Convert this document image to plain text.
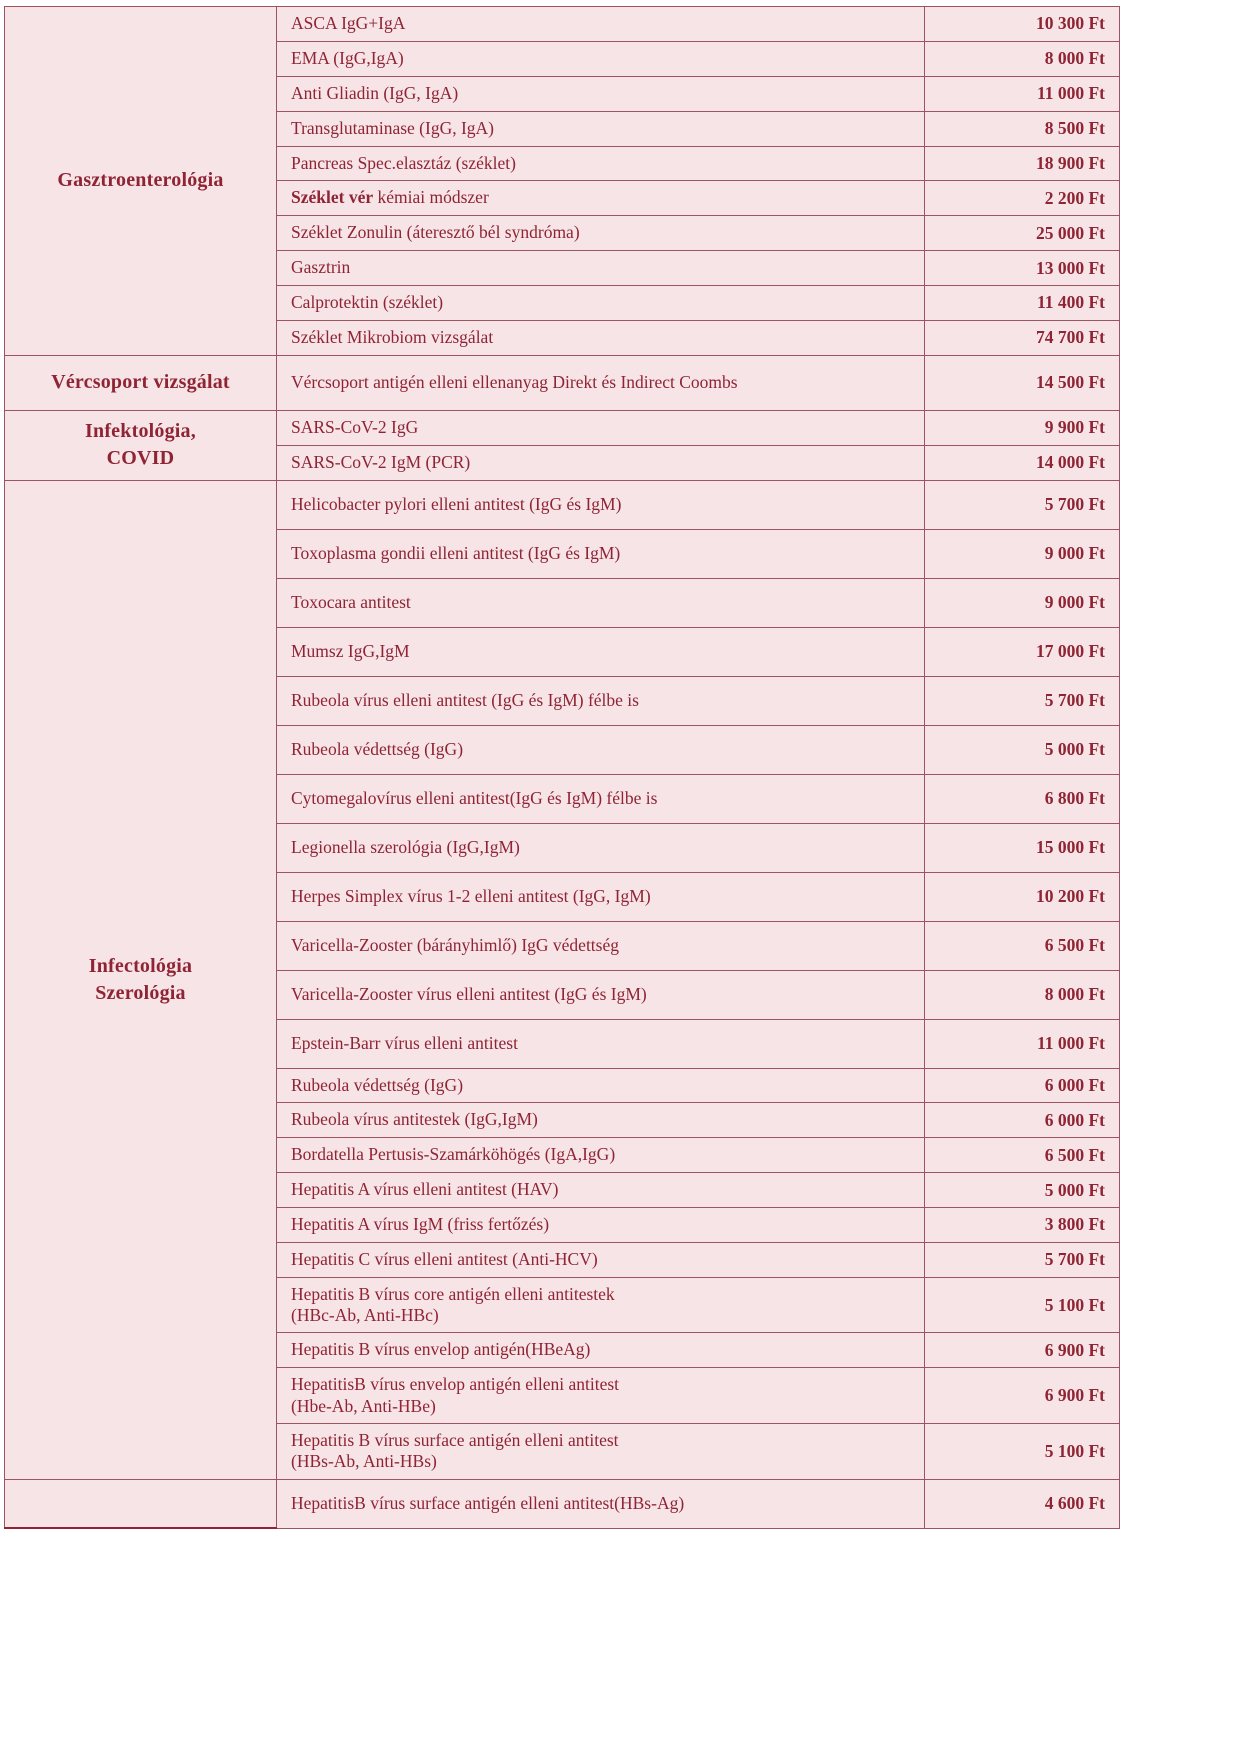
Gasztroenterológia	ASCA IgG+IgA	10 300 Ft
	EMA (IgG,IgA)	8 000 Ft
	Anti Gliadin (IgG, IgA)	11 000 Ft
	Transglutaminase (IgG, IgA)	8 500 Ft
	Pancreas Spec.elasztáz (széklet)	18 900 Ft
	Széklet vér kémiai módszer	2 200 Ft
	Széklet Zonulin (áteresztő bél syndróma)	25 000 Ft
	Gasztrin	13 000 Ft
	Calprotektin (széklet)	11 400 Ft
	Széklet Mikrobiom vizsgálat	74 700 Ft
Vércsoport vizsgálat	Vércsoport antigén elleni ellenanyag Direkt és Indirect Coombs	14 500 Ft

Infektológia,
COVID	SARS-CoV-2 IgG	9 900 Ft
	SARS-CoV-2 IgM (PCR)	14 000 Ft

Infectológia
Szerológia	Helicobacter pylori elleni antitest (IgG és IgM)	5 700 Ft
	Toxoplasma gondii elleni antitest (IgG és IgM)	9 000 Ft
	Toxocara antitest	9 000 Ft
	Mumsz IgG,IgM	17 000 Ft
	Rubeola vírus elleni antitest (IgG és IgM) félbe is	5 700 Ft
	Rubeola védettség (IgG)	5 000 Ft
	Cytomegalovírus elleni antitest(IgG és IgM) félbe is	6 800 Ft
	Legionella szerológia (IgG,IgM)	15 000 Ft
	Herpes Simplex vírus 1-2 elleni antitest (IgG, IgM)	10 200 Ft
	Varicella-Zooster (bárányhimlő) IgG védettség	6 500 Ft
	Varicella-Zooster vírus elleni antitest (IgG és IgM)	8 000 Ft
	Epstein-Barr vírus elleni antitest	11 000 Ft
	Rubeola védettség (IgG)	6 000 Ft
	Rubeola vírus antitestek (IgG,IgM)	6 000 Ft
	Bordatella Pertusis-Szamárköhögés (IgA,IgG)	6 500 Ft
	Hepatitis A vírus elleni antitest (HAV)	5 000 Ft
	Hepatitis A vírus IgM (friss fertőzés)	3 800 Ft
	Hepatitis C vírus elleni antitest (Anti-HCV)	5 700 Ft

	Hepatitis B vírus core antigén elleni antitestek
(HBc-Ab, Anti-HBc)	5 100 Ft
	Hepatitis B vírus envelop antigén(HBeAg)	6 900 Ft

	HepatitisB vírus envelop antigén elleni antitest
(Hbe-Ab, Anti-HBe)	6 900 Ft

	Hepatitis B vírus surface antigén elleni antitest
(HBs-Ab, Anti-HBs)	5 100 Ft
	HepatitisB vírus surface antigén elleni antitest(HBs-Ag)	4 600 Ft
